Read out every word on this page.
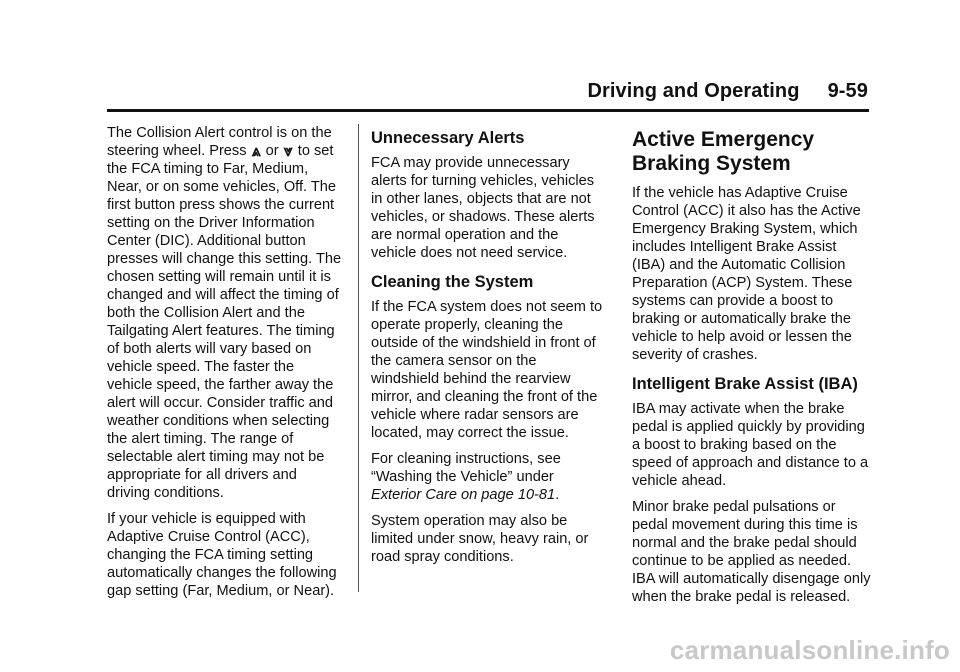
Driving and Operating 9-59

The Collision Alert control is on the steering wheel. Press ⩓ or ⩔ to set the FCA timing to Far, Medium, Near, or on some vehicles, Off. The first button press shows the current setting on the Driver Information Center (DIC). Additional button presses will change this setting. The chosen setting will remain until it is changed and will affect the timing of both the Collision Alert and the Tailgating Alert features. The timing of both alerts will vary based on vehicle speed. The faster the vehicle speed, the farther away the alert will occur. Consider traffic and weather conditions when selecting the alert timing. The range of selectable alert timing may not be appropriate for all drivers and driving conditions.

If your vehicle is equipped with Adaptive Cruise Control (ACC), changing the FCA timing setting automatically changes the following gap setting (Far, Medium, or Near).

Unnecessary Alerts

FCA may provide unnecessary alerts for turning vehicles, vehicles in other lanes, objects that are not vehicles, or shadows. These alerts are normal operation and the vehicle does not need service.

Cleaning the System

If the FCA system does not seem to operate properly, cleaning the outside of the windshield in front of the camera sensor on the windshield behind the rearview mirror, and cleaning the front of the vehicle where radar sensors are located, may correct the issue.

For cleaning instructions, see “Washing the Vehicle” under Exterior Care on page 10-81.

System operation may also be limited under snow, heavy rain, or road spray conditions.

Active Emergency Braking System

If the vehicle has Adaptive Cruise Control (ACC) it also has the Active Emergency Braking System, which includes Intelligent Brake Assist (IBA) and the Automatic Collision Preparation (ACP) System. These systems can provide a boost to braking or automatically brake the vehicle to help avoid or lessen the severity of crashes.

Intelligent Brake Assist (IBA)

IBA may activate when the brake pedal is applied quickly by providing a boost to braking based on the speed of approach and distance to a vehicle ahead.

Minor brake pedal pulsations or pedal movement during this time is normal and the brake pedal should continue to be applied as needed. IBA will automatically disengage only when the brake pedal is released.

carmanualsonline.info
